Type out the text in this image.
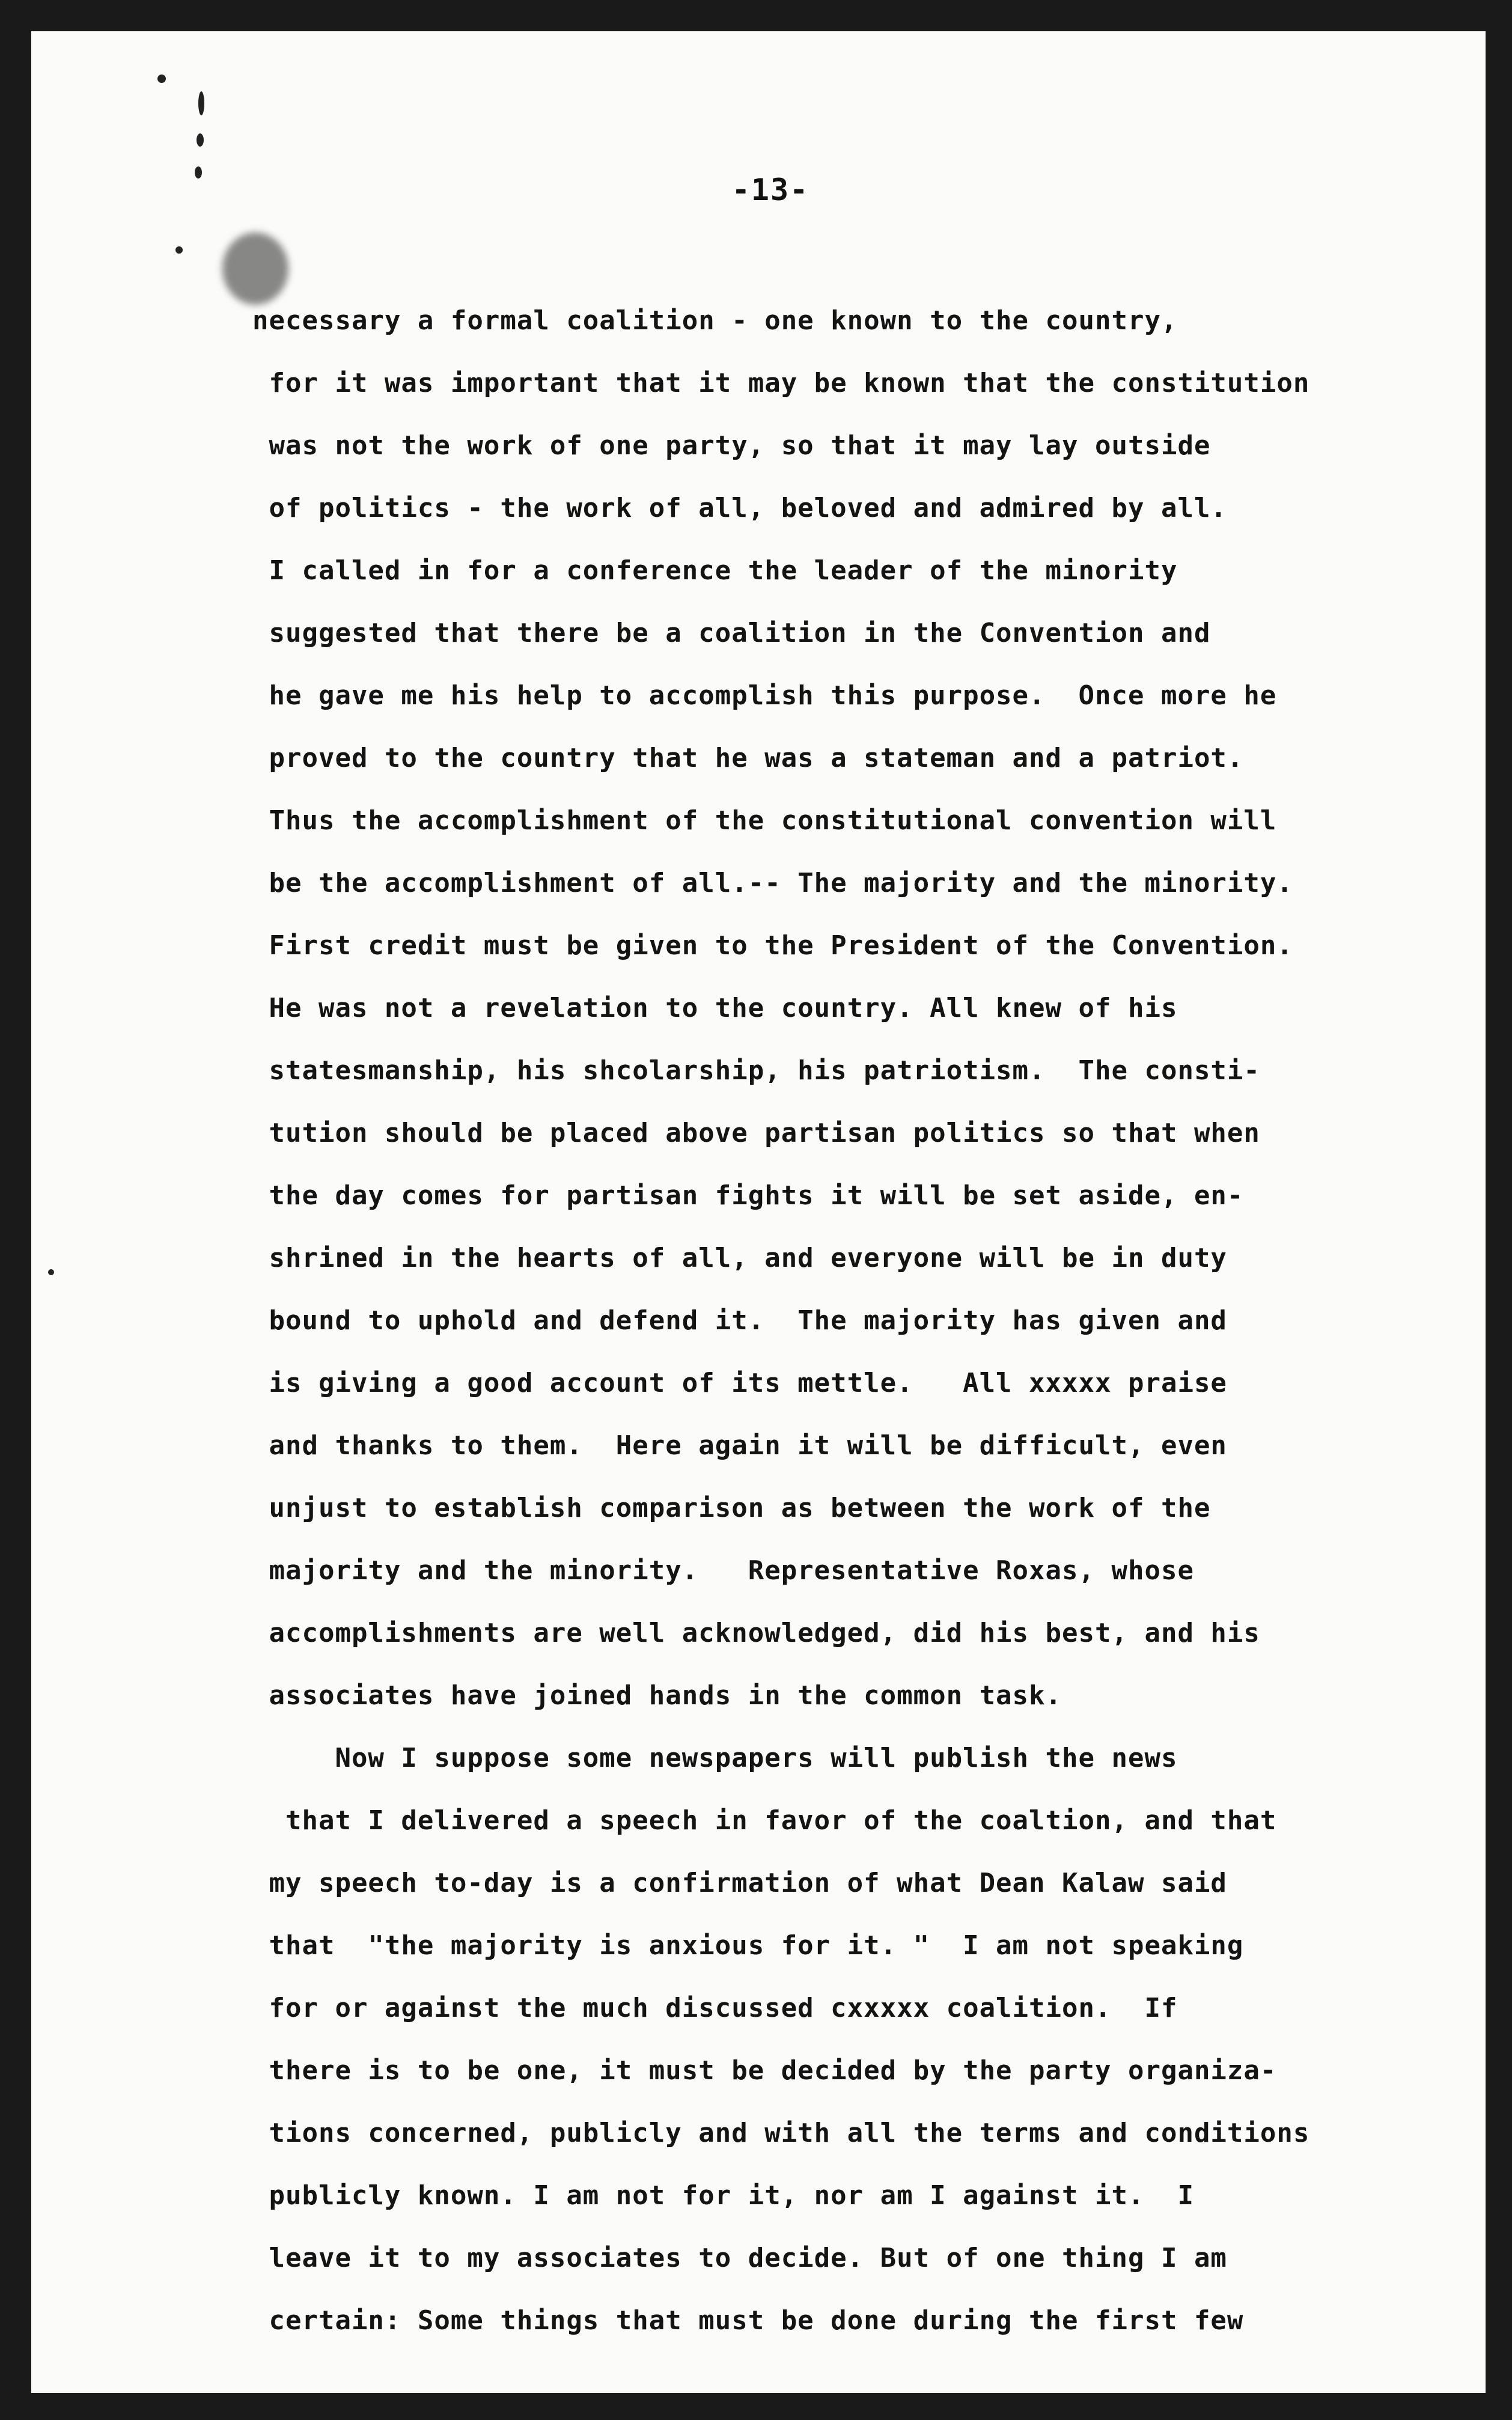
-13-
necessary a formal coalition - one known to the country,
for it was important that it may be known that the constitution
was not the work of one party, so that it may lay outside
of politics - the work of all, beloved and admired by all.
I called in for a conference the leader of the minority
suggested that there be a coalition in the Convention and
he gave me his help to accomplish this purpose.  Once more he
proved to the country that he was a stateman and a patriot.
Thus the accomplishment of the constitutional convention will
be the accomplishment of all.-- The majority and the minority.
First credit must be given to the President of the Convention.
He was not a revelation to the country. All knew of his
statesmanship, his shcolarship, his patriotism.  The consti-
tution should be placed above partisan politics so that when
the day comes for partisan fights it will be set aside, en-
shrined in the hearts of all, and everyone will be in duty
bound to uphold and defend it.  The majority has given and
is giving a good account of its mettle.   All xxxxx praise
and thanks to them.  Here again it will be difficult, even
unjust to establish comparison as between the work of the
majority and the minority.   Representative Roxas, whose
accomplishments are well acknowledged, did his best, and his
associates have joined hands in the common task.
Now I suppose some newspapers will publish the news
that I delivered a speech in favor of the coaltion, and that
my speech to-day is a confirmation of what Dean Kalaw said
that  "the majority is anxious for it. "  I am not speaking
for or against the much discussed cxxxxx coalition.  If
there is to be one, it must be decided by the party organiza-
tions concerned, publicly and with all the terms and conditions
publicly known. I am not for it, nor am I against it.  I
leave it to my associates to decide. But of one thing I am
certain: Some things that must be done during the first few
